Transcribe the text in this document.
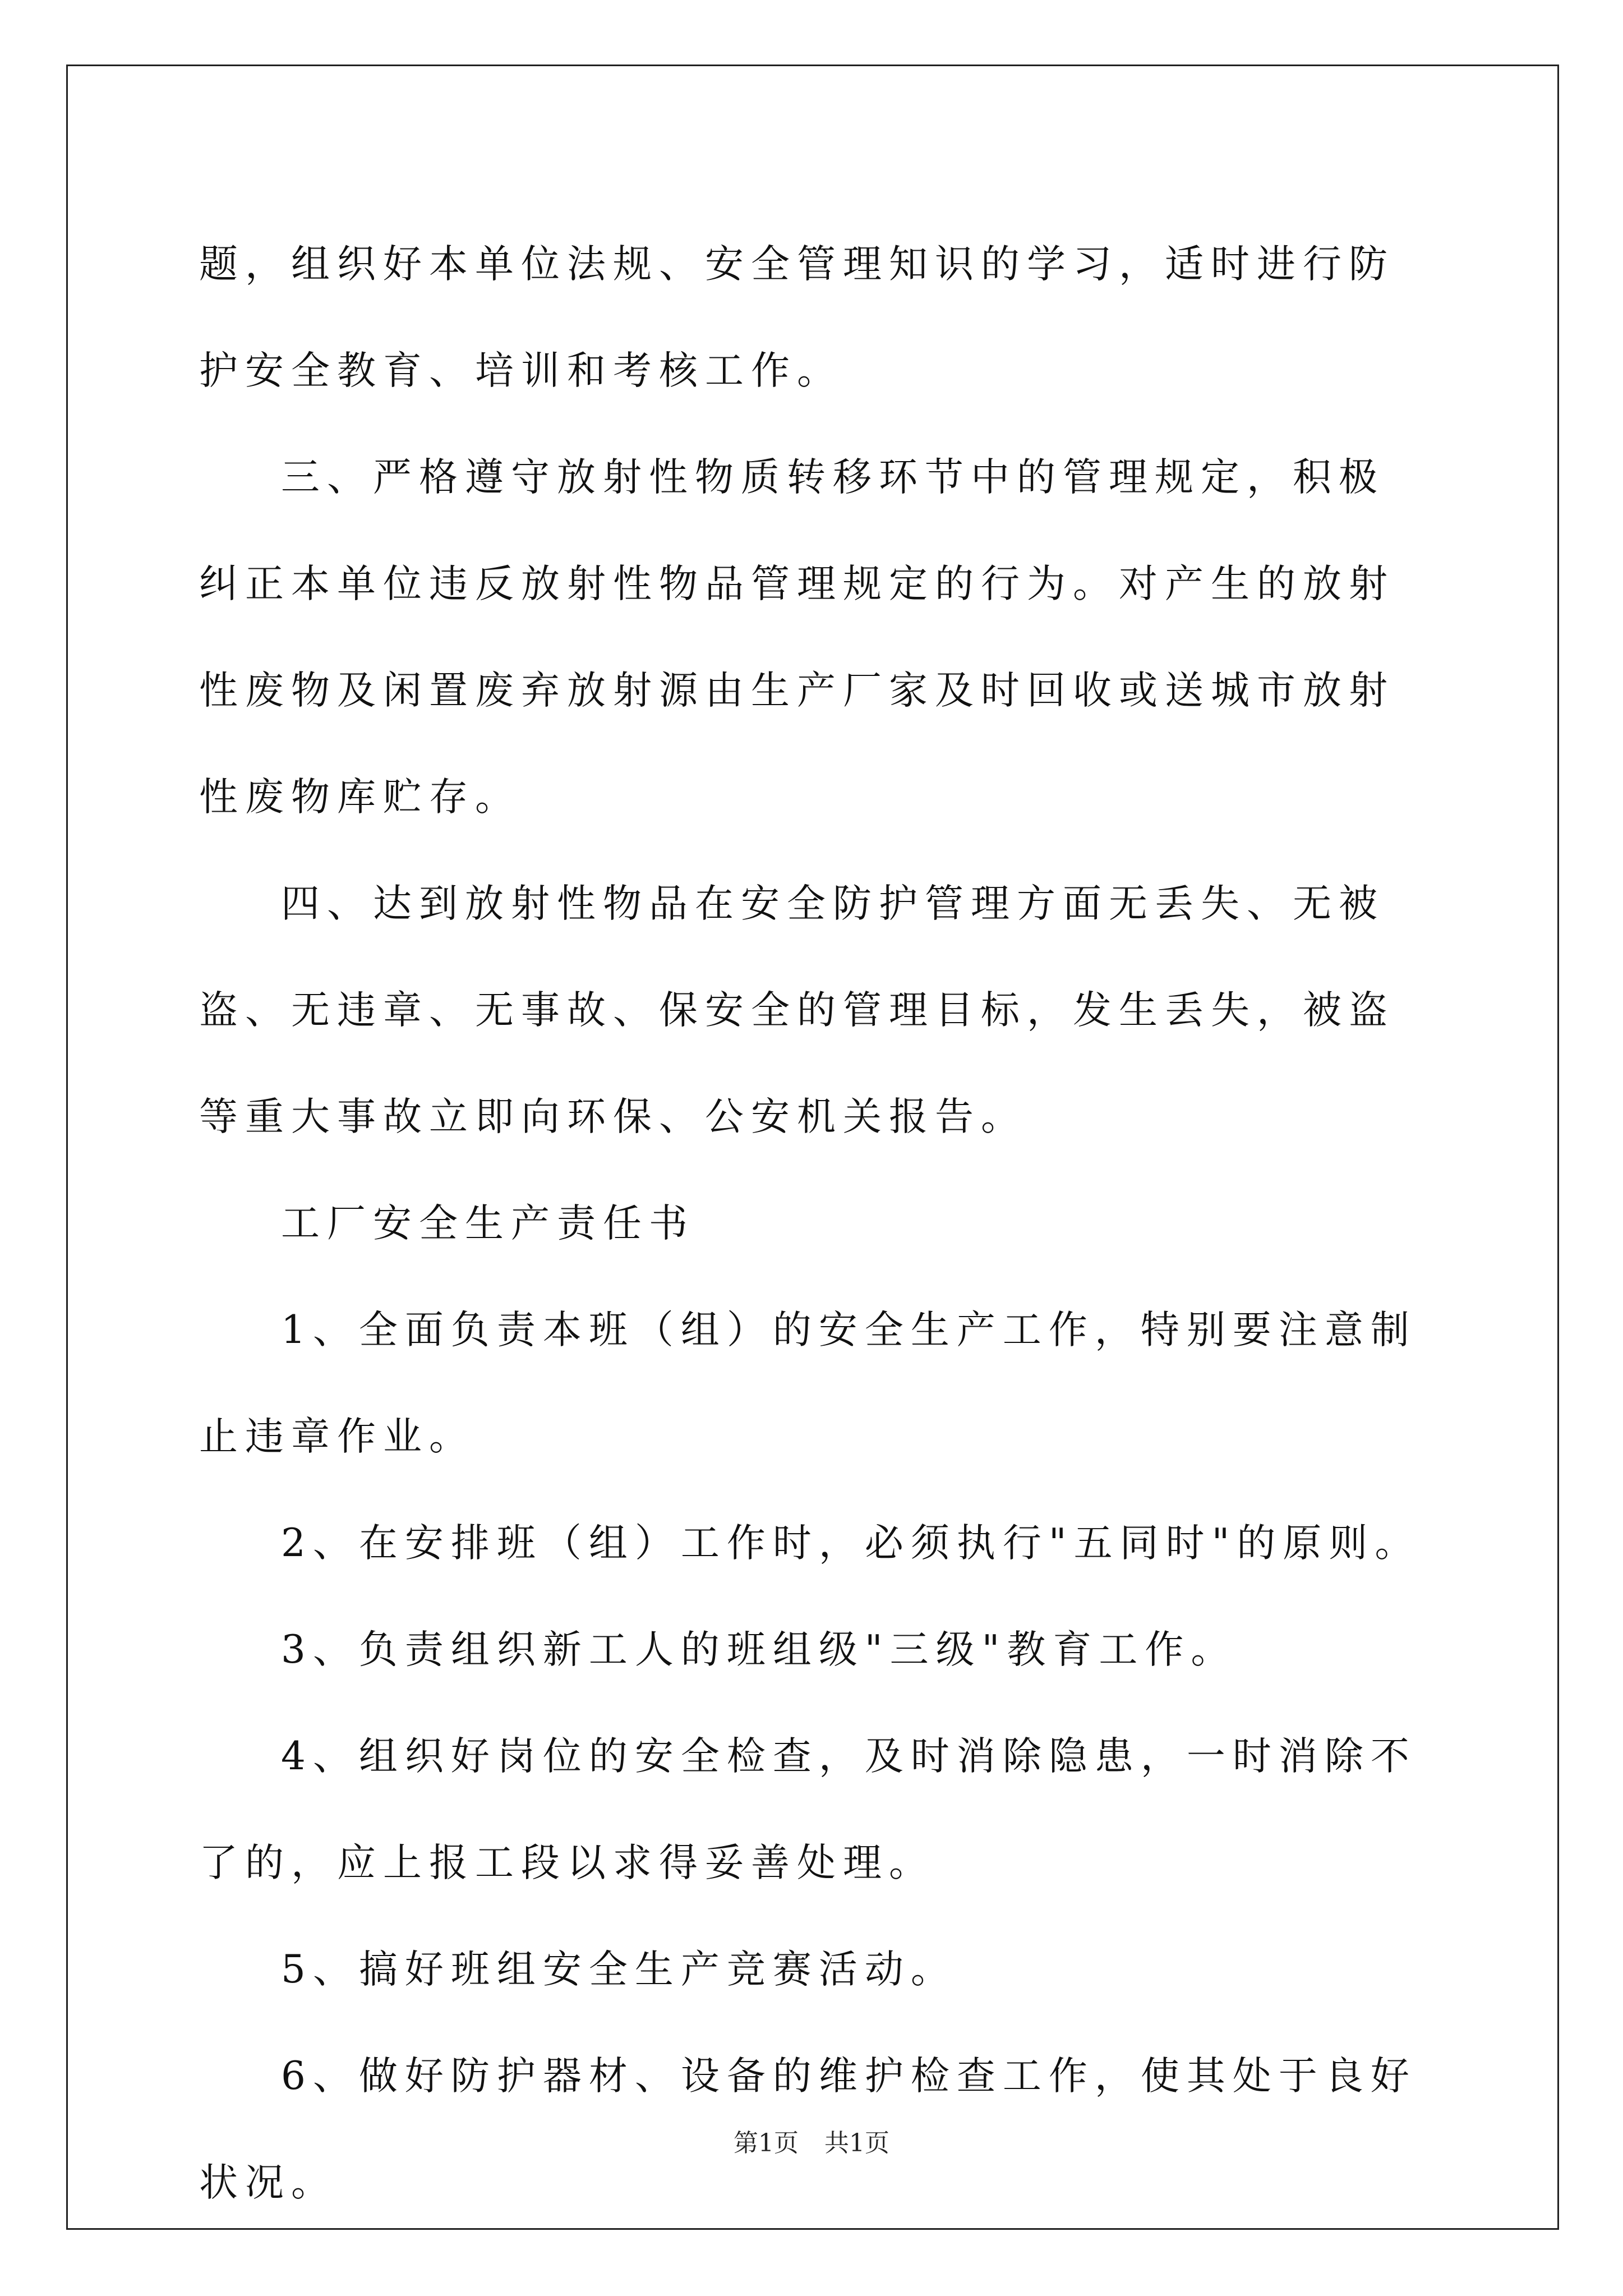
题，组织好本单位法规、安全管理知识的学习，适时进行防护安全教育、培训和考核工作。

三、严格遵守放射性物质转移环节中的管理规定，积极纠正本单位违反放射性物品管理规定的行为。对产生的放射性废物及闲置废弃放射源由生产厂家及时回收或送城市放射性废物库贮存。

四、达到放射性物品在安全防护管理方面无丢失、无被盗、无违章、无事故、保安全的管理目标，发生丢失，被盗等重大事故立即向环保、公安机关报告。

工厂安全生产责任书

1、全面负责本班（组）的安全生产工作，特别要注意制止违章作业。

2、在安排班（组）工作时，必须执行"五同时"的原则。

3、负责组织新工人的班组级"三级"教育工作。

4、组织好岗位的安全检查，及时消除隐患，一时消除不了的，应上报工段以求得妥善处理。

5、搞好班组安全生产竞赛活动。

6、做好防护器材、设备的维护检查工作，使其处于良好状况。

第1页 共1页
